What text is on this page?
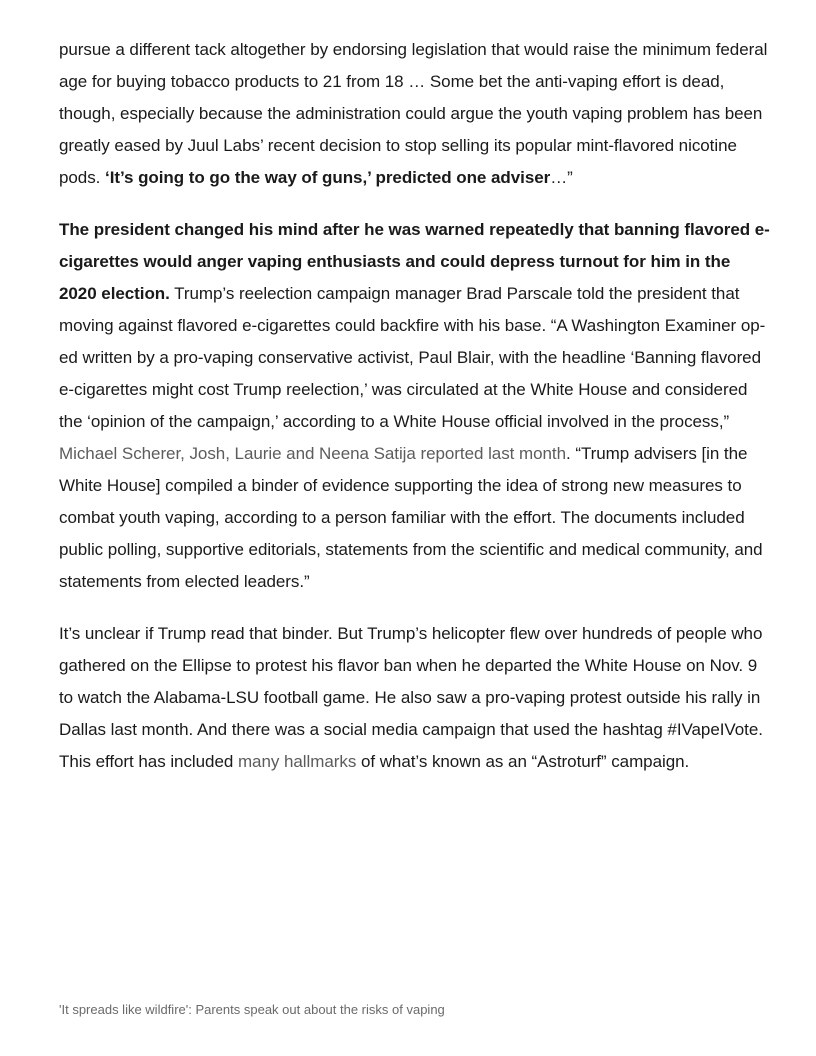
pursue a different tack altogether by endorsing legislation that would raise the minimum federal age for buying tobacco products to 21 from 18 … Some bet the anti-vaping effort is dead, though, especially because the administration could argue the youth vaping problem has been greatly eased by Juul Labs’ recent decision to stop selling its popular mint-flavored nicotine pods. ‘It’s going to go the way of guns,’ predicted one adviser…”

The president changed his mind after he was warned repeatedly that banning flavored e-cigarettes would anger vaping enthusiasts and could depress turnout for him in the 2020 election. Trump’s reelection campaign manager Brad Parscale told the president that moving against flavored e-cigarettes could backfire with his base. “A Washington Examiner op-ed written by a pro-vaping conservative activist, Paul Blair, with the headline ‘Banning flavored e-cigarettes might cost Trump reelection,’ was circulated at the White House and considered the ‘opinion of the campaign,’ according to a White House official involved in the process,” Michael Scherer, Josh, Laurie and Neena Satija reported last month. “Trump advisers [in the White House] compiled a binder of evidence supporting the idea of strong new measures to combat youth vaping, according to a person familiar with the effort. The documents included public polling, supportive editorials, statements from the scientific and medical community, and statements from elected leaders.”

It’s unclear if Trump read that binder. But Trump’s helicopter flew over hundreds of people who gathered on the Ellipse to protest his flavor ban when he departed the White House on Nov. 9 to watch the Alabama-LSU football game. He also saw a pro-vaping protest outside his rally in Dallas last month. And there was a social media campaign that used the hashtag #IVapeIVote. This effort has included many hallmarks of what’s known as an “Astroturf” campaign.

'It spreads like wildfire': Parents speak out about the risks of vaping
